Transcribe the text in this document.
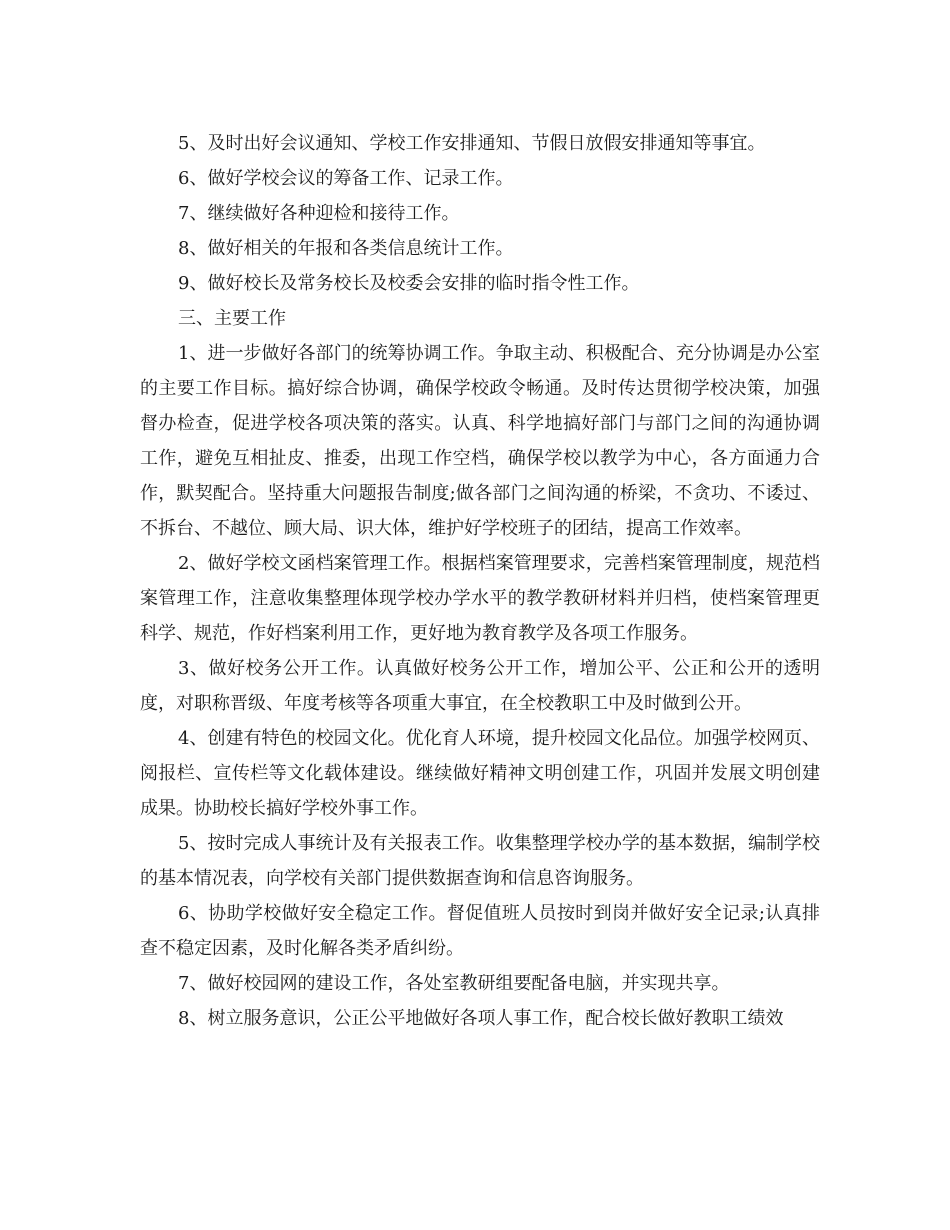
5、及时出好会议通知、学校工作安排通知、节假日放假安排通知等事宜。

6、做好学校会议的筹备工作、记录工作。

7、继续做好各种迎检和接待工作。

8、做好相关的年报和各类信息统计工作。

9、做好校长及常务校长及校委会安排的临时指令性工作。

三、主要工作

1、进一步做好各部门的统筹协调工作。争取主动、积极配合、充分协调是办公室的主要工作目标。搞好综合协调，确保学校政令畅通。及时传达贯彻学校决策，加强督办检查，促进学校各项决策的落实。认真、科学地搞好部门与部门之间的沟通协调工作，避免互相扯皮、推委，出现工作空档，确保学校以教学为中心，各方面通力合作，默契配合。坚持重大问题报告制度;做各部门之间沟通的桥梁，不贪功、不诿过、不拆台、不越位、顾大局、识大体，维护好学校班子的团结，提高工作效率。

2、做好学校文函档案管理工作。根据档案管理要求，完善档案管理制度，规范档案管理工作，注意收集整理体现学校办学水平的教学教研材料并归档，使档案管理更科学、规范，作好档案利用工作，更好地为教育教学及各项工作服务。

3、做好校务公开工作。认真做好校务公开工作，增加公平、公正和公开的透明度，对职称晋级、年度考核等各项重大事宜，在全校教职工中及时做到公开。

4、创建有特色的校园文化。优化育人环境，提升校园文化品位。加强学校网页、阅报栏、宣传栏等文化载体建设。继续做好精神文明创建工作，巩固并发展文明创建成果。协助校长搞好学校外事工作。

5、按时完成人事统计及有关报表工作。收集整理学校办学的基本数据，编制学校的基本情况表，向学校有关部门提供数据查询和信息咨询服务。

6、协助学校做好安全稳定工作。督促值班人员按时到岗并做好安全记录;认真排查不稳定因素，及时化解各类矛盾纠纷。

7、做好校园网的建设工作，各处室教研组要配备电脑，并实现共享。

8、树立服务意识，公正公平地做好各项人事工作，配合校长做好教职工绩效
